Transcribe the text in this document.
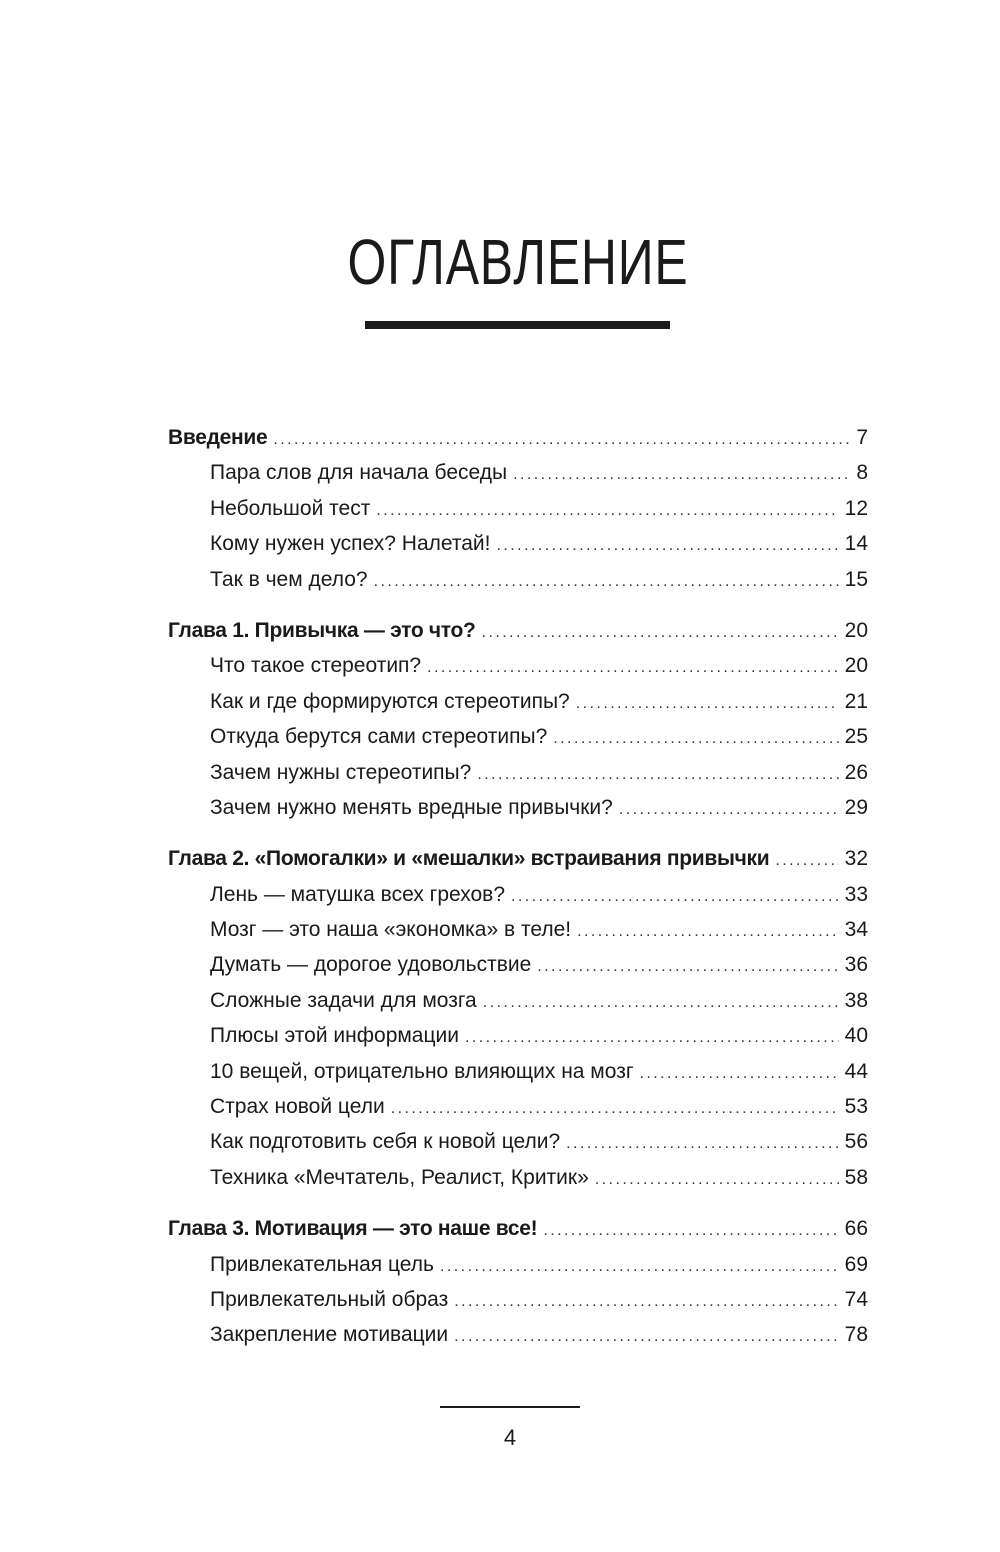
ОГЛАВЛЕНИЕ
Введение . . .	7
Пара слов для начала беседы . . .	8
Небольшой тест . . .	12
Кому нужен успех? Налетай! . . .	14
Так в чем дело? . . .	15
Глава 1. Привычка — это что? . . .	20
Что такое стереотип? . . .	20
Как и где формируются стереотипы? . . .	21
Откуда берутся сами стереотипы? . . .	25
Зачем нужны стереотипы? . . .	26
Зачем нужно менять вредные привычки? . . .	29
Глава 2. «Помогалки» и «мешалки» встраивания привычки . . .	32
Лень — матушка всех грехов? . . .	33
Мозг — это наша «экономка» в теле! . . .	34
Думать — дорогое удовольствие . . .	36
Сложные задачи для мозга . . .	38
Плюсы этой информации . . .	40
10 вещей, отрицательно влияющих на мозг . . .	44
Страх новой цели . . .	53
Как подготовить себя к новой цели? . . .	56
Техника «Мечтатель, Реалист, Критик» . . .	58
Глава 3. Мотивация — это наше все! . . .	66
Привлекательная цель . . .	69
Привлекательный образ . . .	74
Закрепление мотивации . . .	78
4
